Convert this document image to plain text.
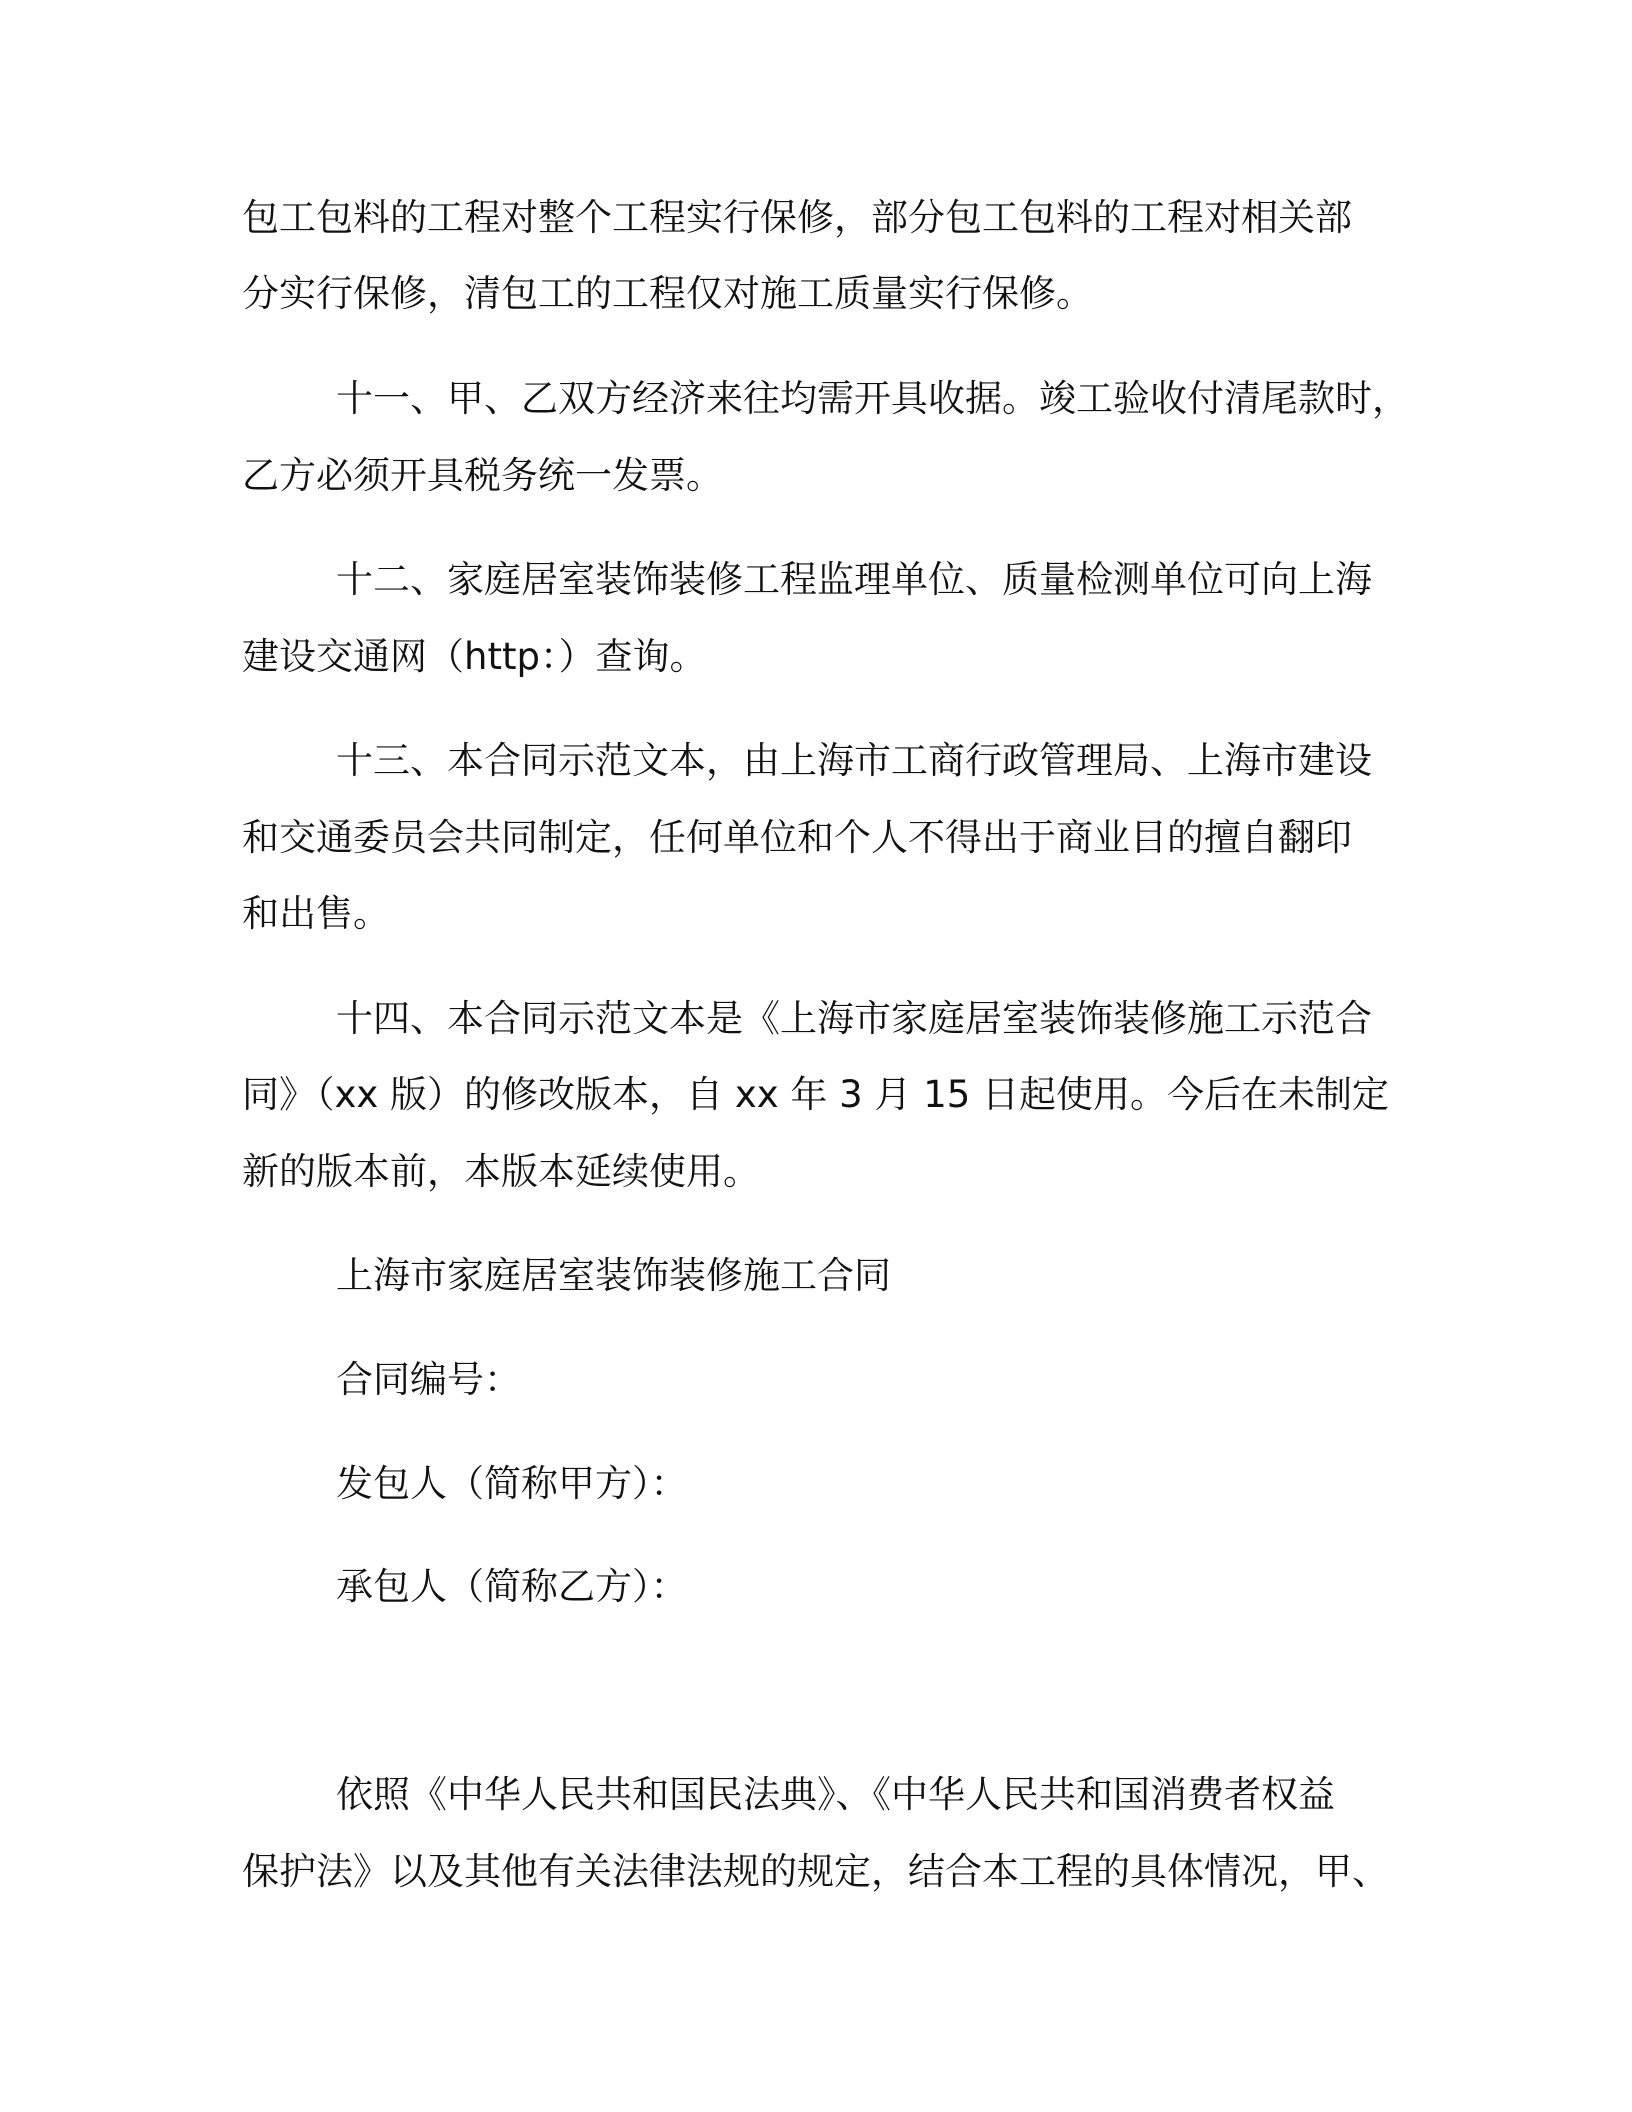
包工包料的工程对整个工程实行保修，部分包工包料的工程对相关部
分实行保修，清包工的工程仅对施工质量实行保修。
十一、甲、乙双方经济来往均需开具收据。竣工验收付清尾款时，
乙方必须开具税务统一发票。
十二、家庭居室装饰装修工程监理单位、质量检测单位可向上海
建设交通网（http：）查询。
十三、本合同示范文本，由上海市工商行政管理局、上海市建设
和交通委员会共同制定，任何单位和个人不得出于商业目的擅自翻印
和出售。
十四、本合同示范文本是《上海市家庭居室装饰装修施工示范合
同》（xx 版）的修改版本，自 xx 年 3 月 15 日起使用。今后在未制定
新的版本前，本版本延续使用。
上海市家庭居室装饰装修施工合同
合同编号：
发包人（简称甲方）：
承包人（简称乙方）：
依照《中华人民共和国民法典》、《中华人民共和国消费者权益
保护法》以及其他有关法律法规的规定，结合本工程的具体情况，甲、
